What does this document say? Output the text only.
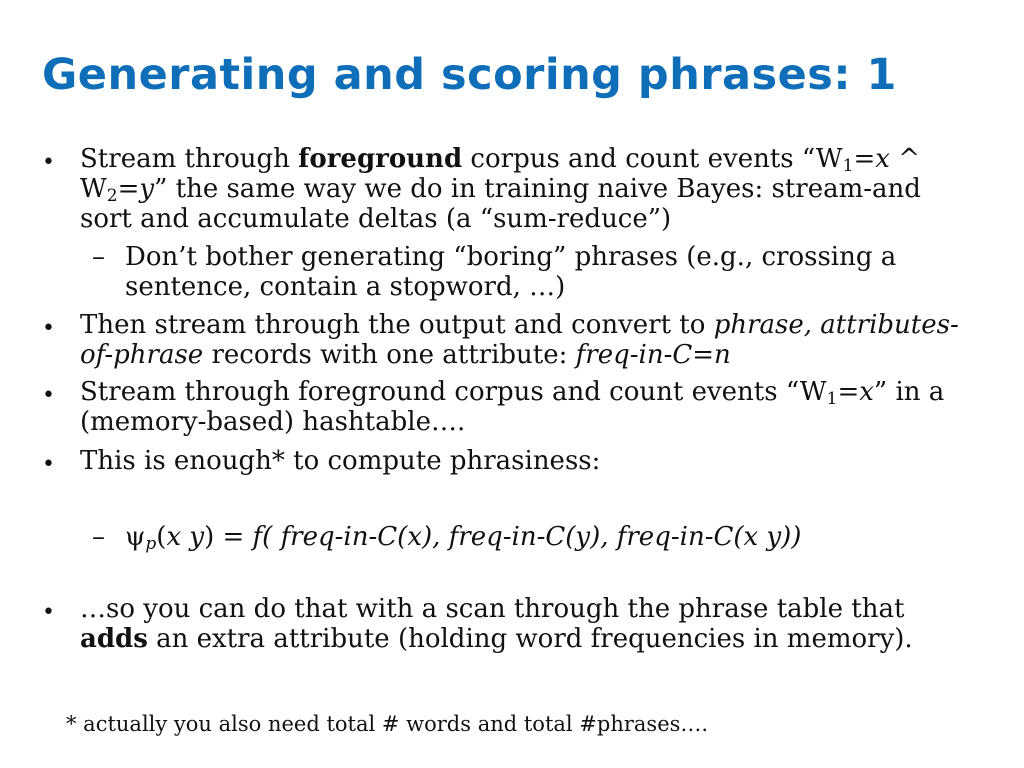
Generating and scoring phrases: 1
• Stream through foreground corpus and count events “$W_1=x$ ^
$W_2=y$” the same way we do in training naive Bayes: stream-and
sort and accumulate deltas (a “sum-reduce”)
– Don’t bother generating “boring” phrases (e.g., crossing a
sentence, contain a stopword, …)
• Then stream through the output and convert to phrase, attributes-
of-phrase records with one attribute: freq-in-C=n
• Stream through foreground corpus and count events “$W_1=x$” in a
(memory-based) hashtable….
• This is enough* to compute phrasiness:
– $\psi_p(x$ y) = f( freq-in-C(x), freq-in-C(y), freq-in-C(x y))
• …so you can do that with a scan through the phrase table that
adds an extra attribute (holding word frequencies in memory).
* actually you also need total # words and total #phrases….
